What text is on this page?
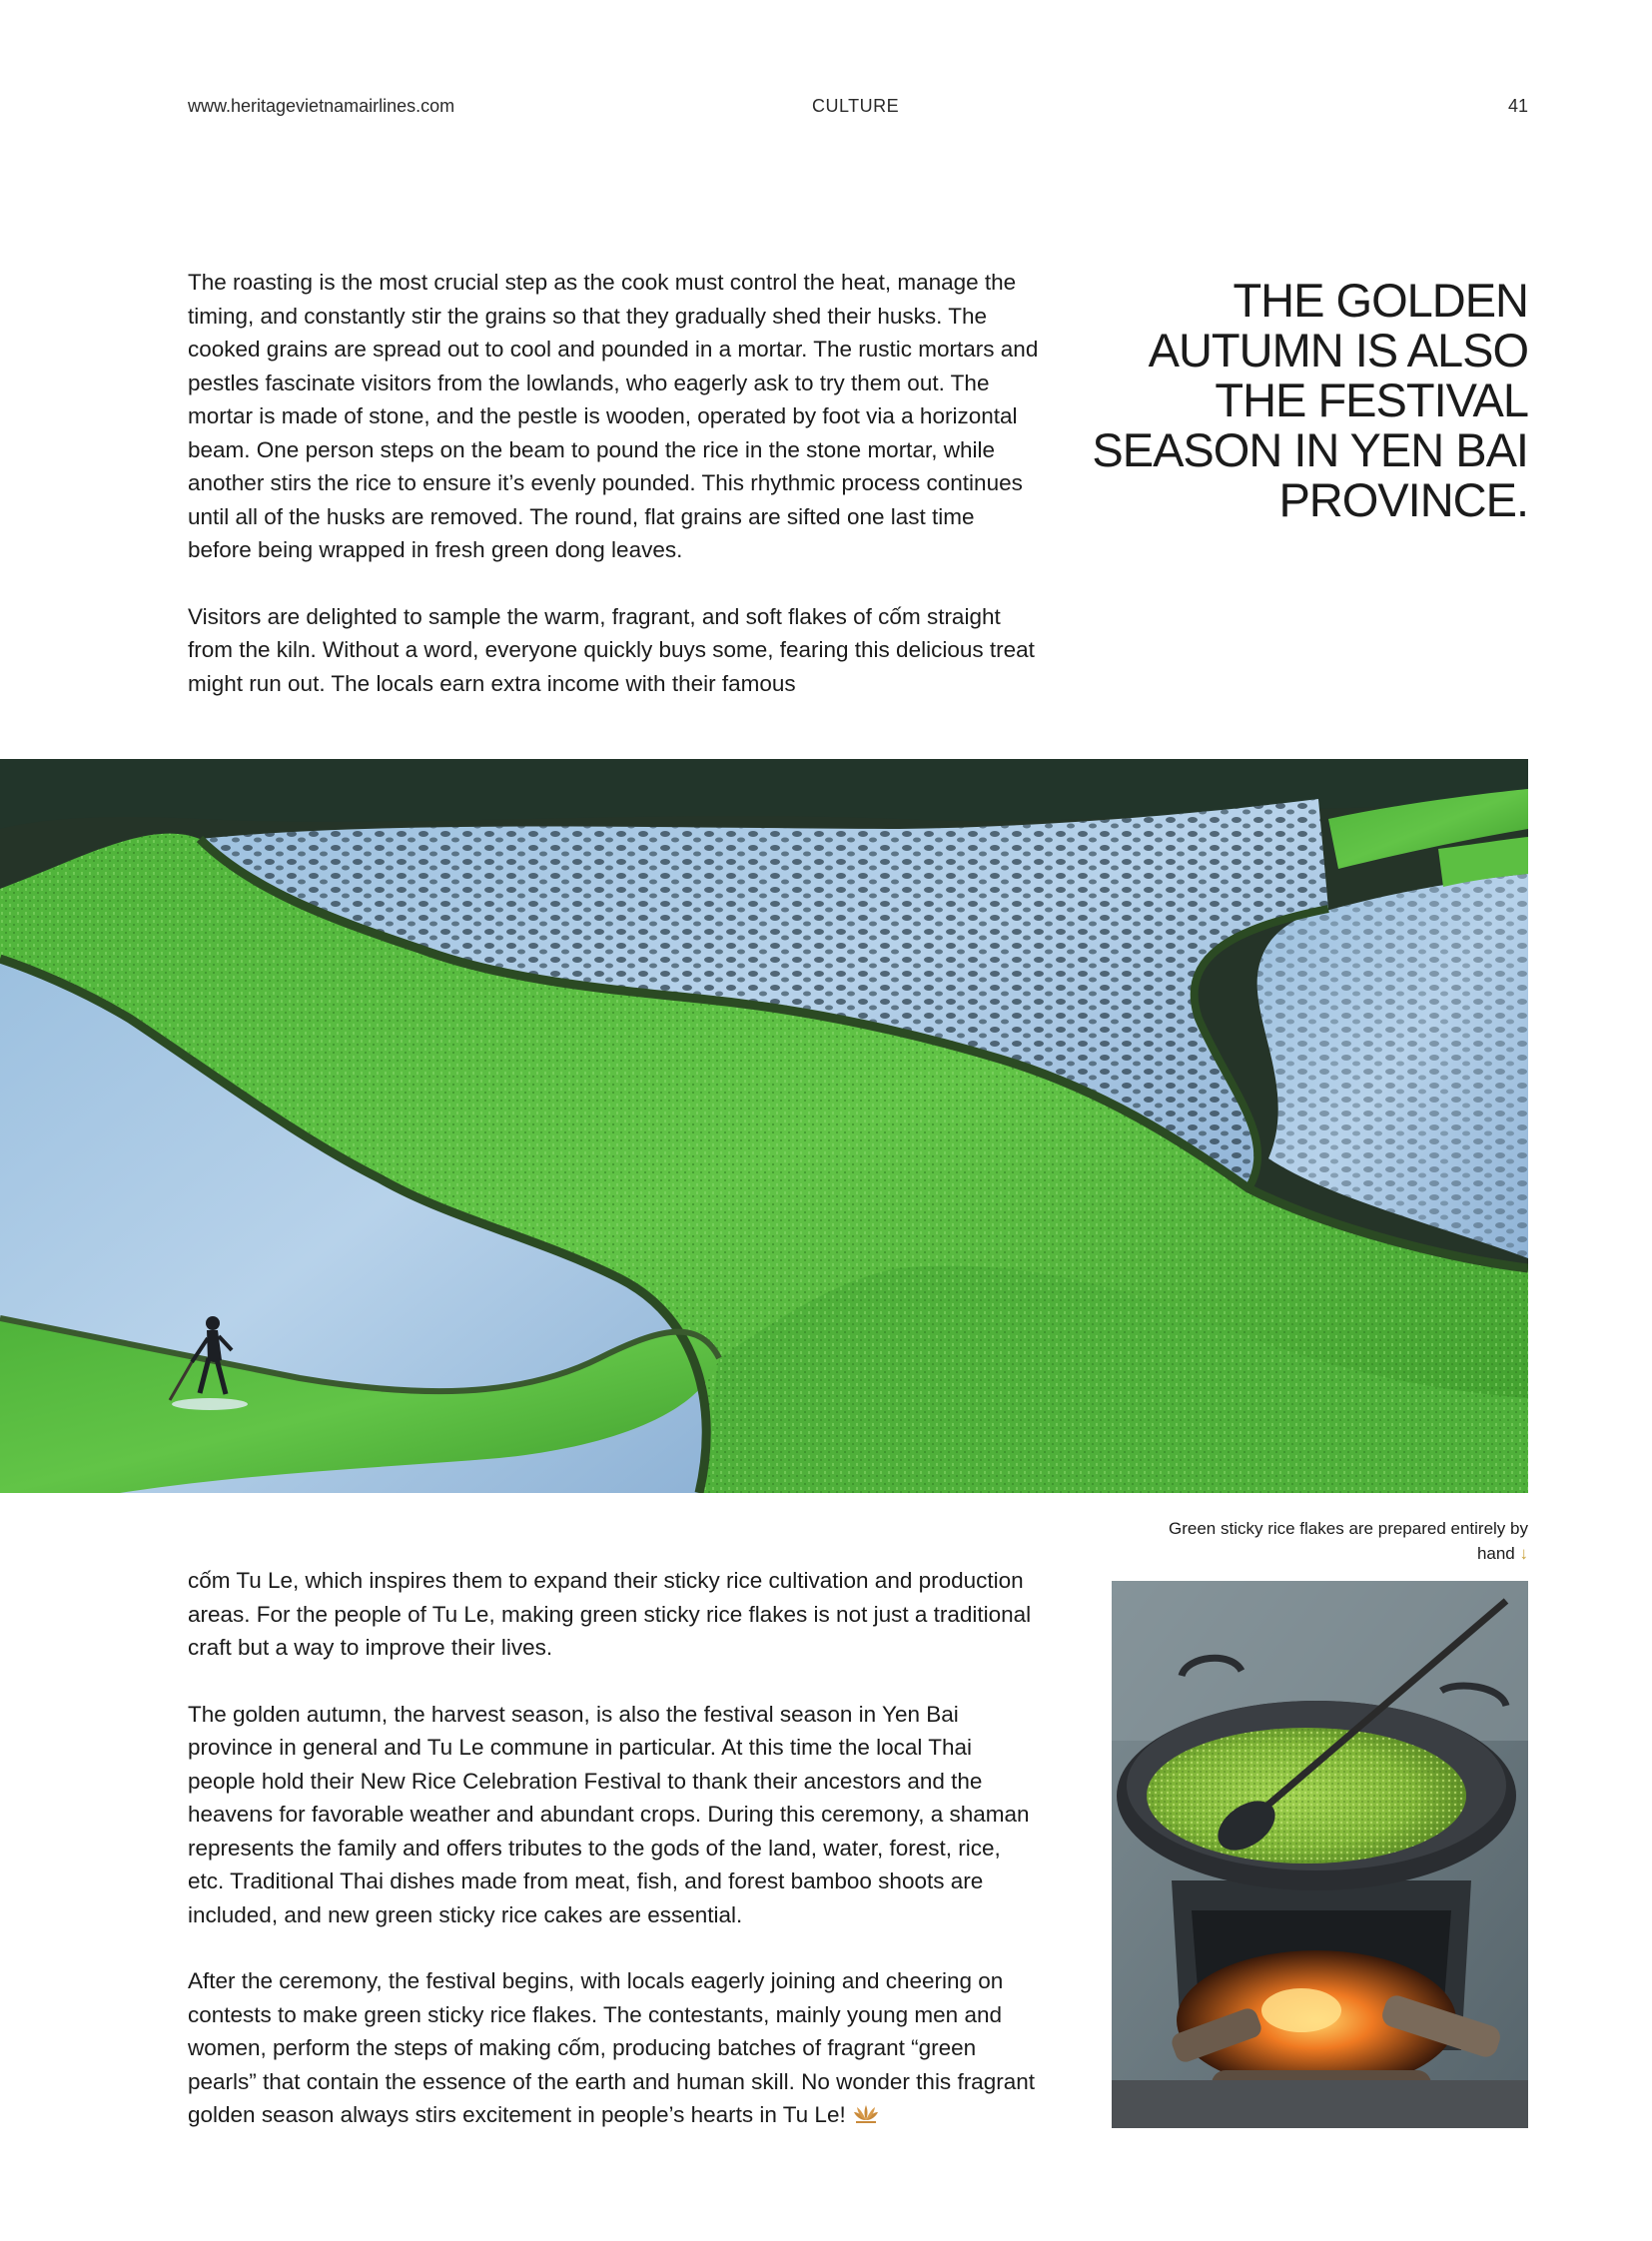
www.heritagevietnamairlines.com	CULTURE	41

The roasting is the most crucial step as the cook must control the heat, manage the timing, and constantly stir the grains so that they gradually shed their husks. The cooked grains are spread out to cool and pounded in a mortar. The rustic mortars and pestles fascinate visitors from the lowlands, who eagerly ask to try them out. The mortar is made of stone, and the pestle is wooden, operated by foot via a horizontal beam. One person steps on the beam to pound the rice in the stone mortar, while another stirs the rice to ensure it’s evenly pounded. This rhythmic process continues until all of the husks are removed. The round, flat grains are sifted one last time before being wrapped in fresh green dong leaves.

Visitors are delighted to sample the warm, fragrant, and soft flakes of cốm straight from the kiln. Without a word, everyone quickly buys some, fearing this delicious treat might run out. The locals earn extra income with their famous

THE GOLDEN AUTUMN IS ALSO THE FESTIVAL SEASON IN YEN BAI PROVINCE.
Green sticky rice flakes are prepared entirely by hand ↓

cốm Tu Le, which inspires them to expand their sticky rice cultivation and production areas. For the people of Tu Le, making green sticky rice flakes is not just a traditional craft but a way to improve their lives.

The golden autumn, the harvest season, is also the festival season in Yen Bai province in general and Tu Le commune in particular. At this time the local Thai people hold their New Rice Celebration Festival to thank their ancestors and the heavens for favorable weather and abundant crops. During this ceremony, a shaman represents the family and offers tributes to the gods of the land, water, forest, rice, etc. Traditional Thai dishes made from meat, fish, and forest bamboo shoots are included, and new green sticky rice cakes are essential.

After the ceremony, the festival begins, with locals eagerly joining and cheering on contests to make green sticky rice flakes. The contestants, mainly young men and women, perform the steps of making cốm, producing batches of fragrant “green pearls” that contain the essence of the earth and human skill. No wonder this fragrant golden season always stirs excitement in people’s hearts in Tu Le!
